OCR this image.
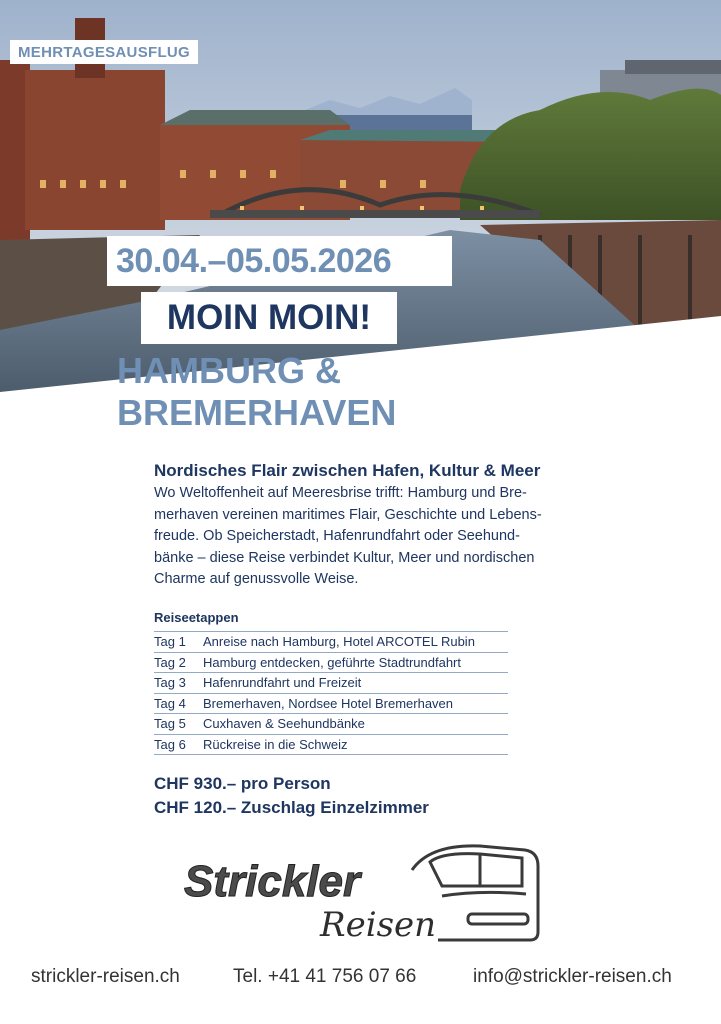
MEHRTAGESAUSFLUG
30.04.–05.05.2026
MOIN MOIN!
HAMBURG &
BREMERHAVEN
Nordisches Flair zwischen Hafen, Kultur & Meer

Wo Weltoffenheit auf Meeresbrise trifft: Hamburg und Bre-
merhaven vereinen maritimes Flair, Geschichte und Lebens-
freude. Ob Speicherstadt, Hafenrundfahrt oder Seehund-
bänke – diese Reise verbindet Kultur, Meer und nordischen
Charme auf genussvolle Weise.

Reiseetappen
Tag 1	Anreise nach Hamburg, Hotel ARCOTEL Rubin
Tag 2	Hamburg entdecken, geführte Stadtrundfahrt
Tag 3	Hafenrundfahrt und Freizeit
Tag 4	Bremerhaven, Nordsee Hotel Bremerhaven
Tag 5	Cuxhaven & Seehundbänke
Tag 6	Rückreise in die Schweiz
CHF 930.– pro Person
CHF 120.– Zuschlag Einzelzimmer
Strickler
Reisen
strickler-reisen.ch	Tel. +41 41 756 07 66	info@strickler-reisen.ch
